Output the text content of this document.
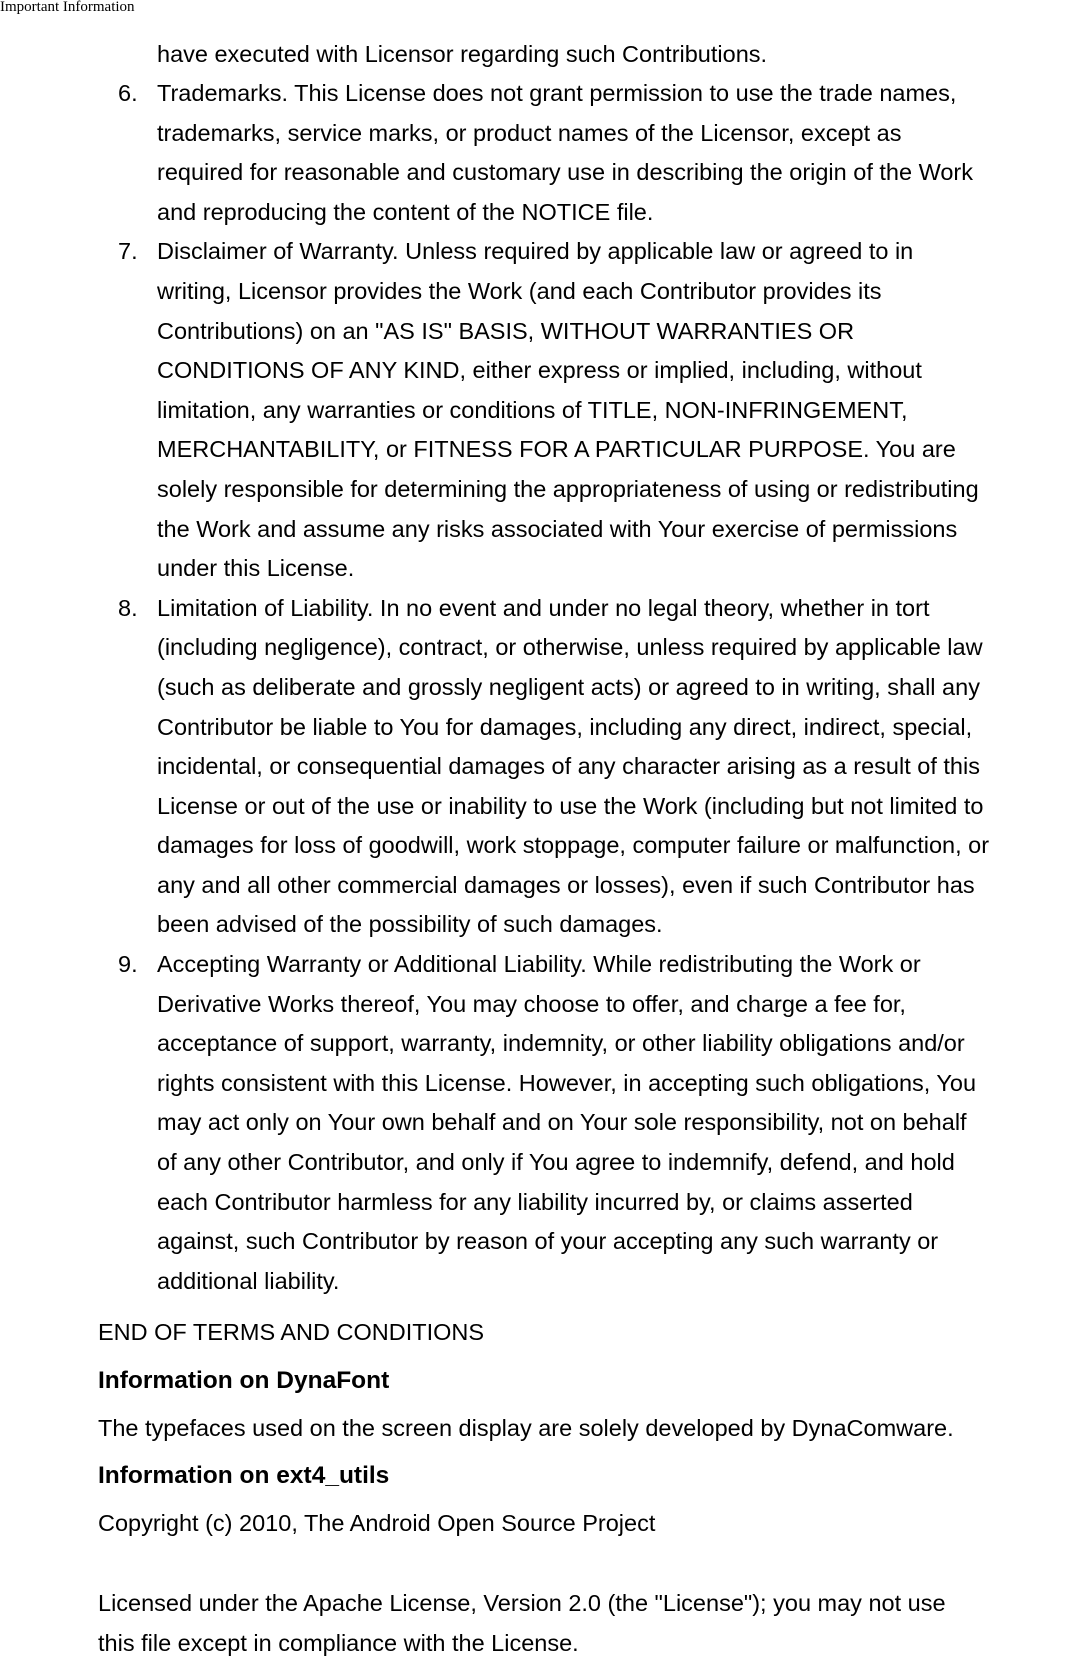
Important Information

have executed with Licensor regarding such Contributions.

6. Trademarks. This License does not grant permission to use the trade names,
trademarks, service marks, or product names of the Licensor, except as
required for reasonable and customary use in describing the origin of the Work
and reproducing the content of the NOTICE file.
7. Disclaimer of Warranty. Unless required by applicable law or agreed to in
writing, Licensor provides the Work (and each Contributor provides its
Contributions) on an "AS IS" BASIS, WITHOUT WARRANTIES OR
CONDITIONS OF ANY KIND, either express or implied, including, without
limitation, any warranties or conditions of TITLE, NON-INFRINGEMENT,
MERCHANTABILITY, or FITNESS FOR A PARTICULAR PURPOSE. You are
solely responsible for determining the appropriateness of using or redistributing
the Work and assume any risks associated with Your exercise of permissions
under this License.
8. Limitation of Liability. In no event and under no legal theory, whether in tort
(including negligence), contract, or otherwise, unless required by applicable law
(such as deliberate and grossly negligent acts) or agreed to in writing, shall any
Contributor be liable to You for damages, including any direct, indirect, special,
incidental, or consequential damages of any character arising as a result of this
License or out of the use or inability to use the Work (including but not limited to
damages for loss of goodwill, work stoppage, computer failure or malfunction, or
any and all other commercial damages or losses), even if such Contributor has
been advised of the possibility of such damages.
9. Accepting Warranty or Additional Liability. While redistributing the Work or
Derivative Works thereof, You may choose to offer, and charge a fee for,
acceptance of support, warranty, indemnity, or other liability obligations and/or
rights consistent with this License. However, in accepting such obligations, You
may act only on Your own behalf and on Your sole responsibility, not on behalf
of any other Contributor, and only if You agree to indemnify, defend, and hold
each Contributor harmless for any liability incurred by, or claims asserted
against, such Contributor by reason of your accepting any such warranty or
additional liability.

END OF TERMS AND CONDITIONS

Information on DynaFont

The typefaces used on the screen display are solely developed by DynaComware.

Information on ext4_utils

Copyright (c) 2010, The Android Open Source Project

Licensed under the Apache License, Version 2.0 (the "License"); you may not use
this file except in compliance with the License.
